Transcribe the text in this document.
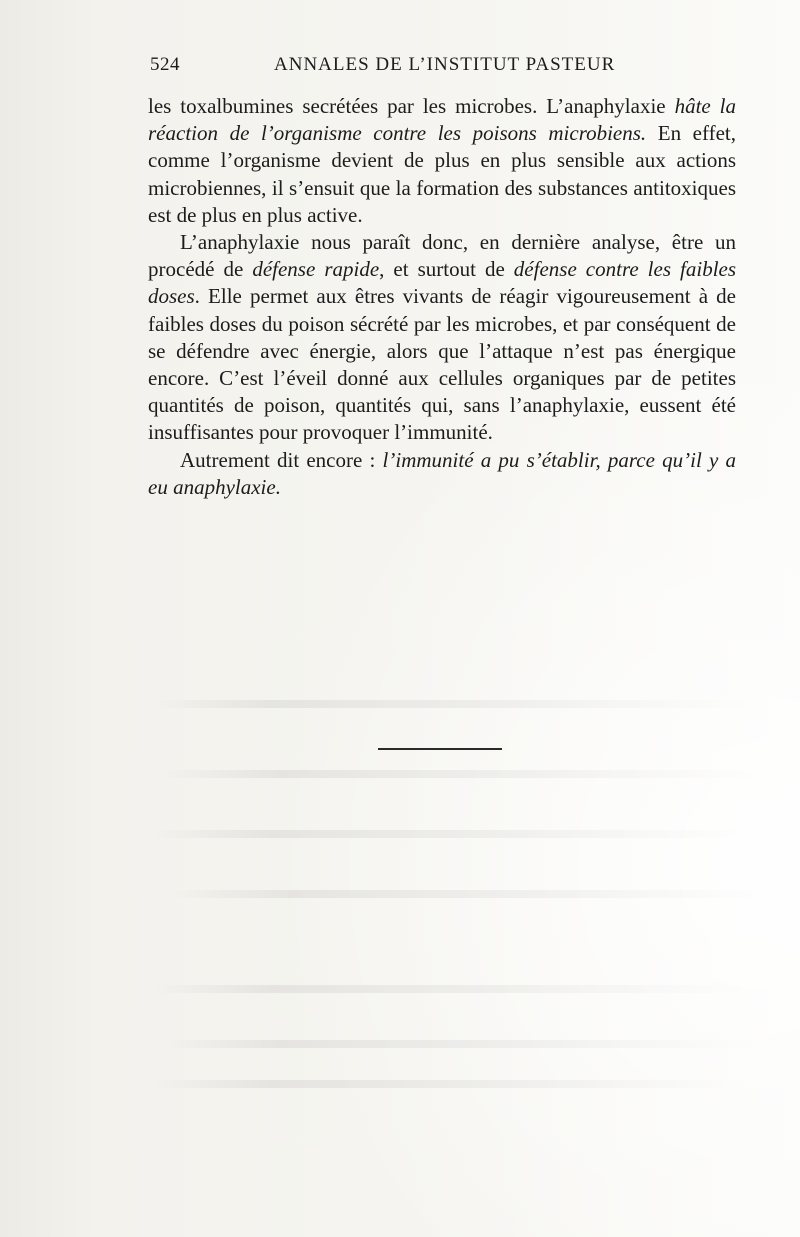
524	ANNALES DE L’INSTITUT PASTEUR

les toxalbumines secrétées par les microbes. L’anaphylaxie hâte la réaction de l’organisme contre les poisons microbiens. En effet, comme l’organisme devient de plus en plus sensible aux actions microbiennes, il s’ensuit que la formation des substances antitoxiques est de plus en plus active.

L’anaphylaxie nous paraît donc, en dernière analyse, être un procédé de défense rapide, et surtout de défense contre les faibles doses. Elle permet aux êtres vivants de réagir vigoureusement à de faibles doses du poison sécrété par les microbes, et par conséquent de se défendre avec énergie, alors que l’attaque n’est pas énergique encore. C’est l’éveil donné aux cellules organiques par de petites quantités de poison, quantités qui, sans l’anaphylaxie, eussent été insuffisantes pour provoquer l’immunité.

Autrement dit encore : l’immunité a pu s’établir, parce qu’il y a eu anaphylaxie.
